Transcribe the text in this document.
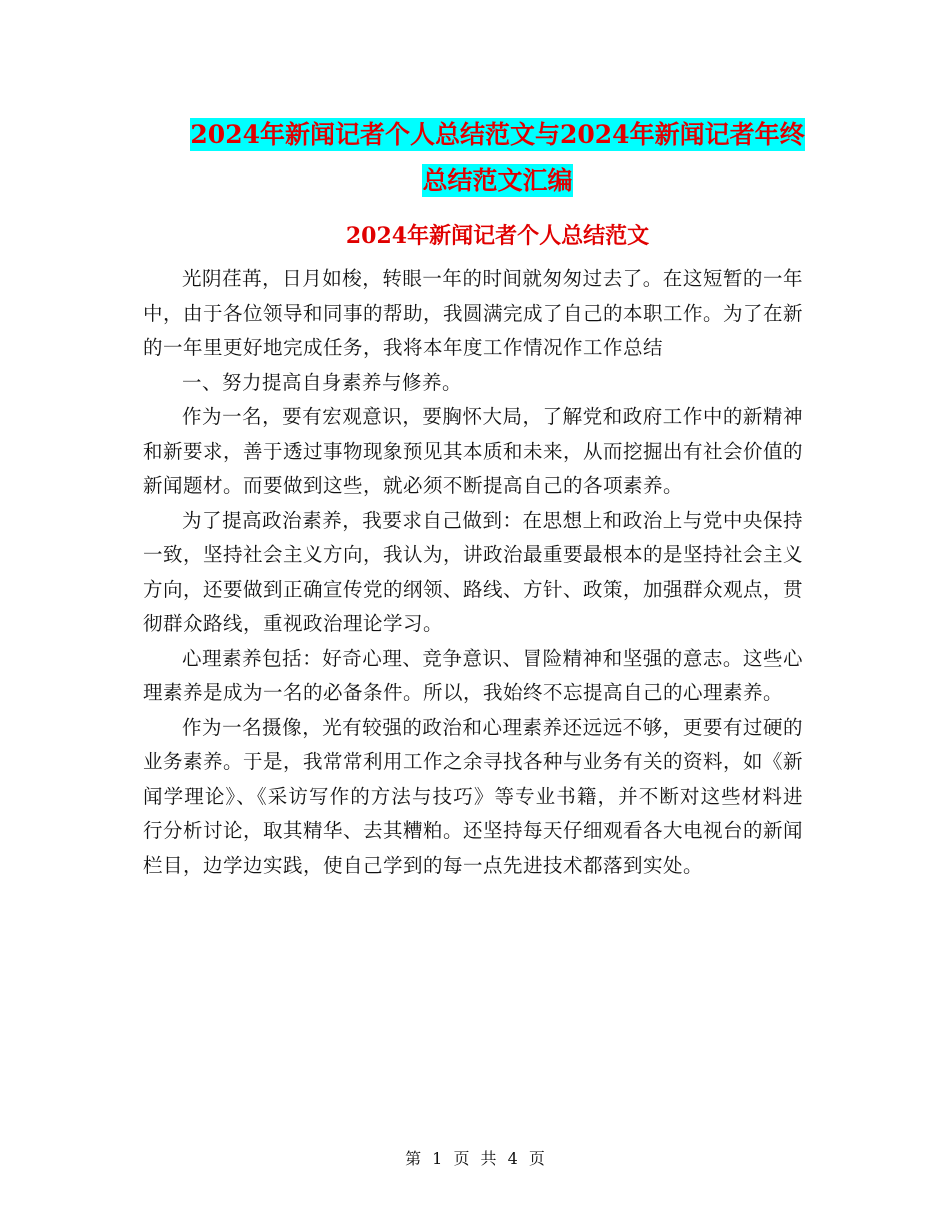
2024年新闻记者个人总结范文与2024年新闻记者年终
总结范文汇编
2024年新闻记者个人总结范文

光阴荏苒，日月如梭，转眼一年的时间就匆匆过去了。在这短暂的一年中，由于各位领导和同事的帮助，我圆满完成了自己的本职工作。为了在新的一年里更好地完成任务，我将本年度工作情况作工作总结

一、努力提高自身素养与修养。

作为一名，要有宏观意识，要胸怀大局，了解党和政府工作中的新精神和新要求，善于透过事物现象预见其本质和未来，从而挖掘出有社会价值的新闻题材。而要做到这些，就必须不断提高自己的各项素养。

为了提高政治素养，我要求自己做到：在思想上和政治上与党中央保持一致，坚持社会主义方向，我认为，讲政治最重要最根本的是坚持社会主义方向，还要做到正确宣传党的纲领、路线、方针、政策，加强群众观点，贯彻群众路线，重视政治理论学习。

心理素养包括：好奇心理、竞争意识、冒险精神和坚强的意志。这些心理素养是成为一名的必备条件。所以，我始终不忘提高自己的心理素养。

作为一名摄像，光有较强的政治和心理素养还远远不够，更要有过硬的业务素养。于是，我常常利用工作之余寻找各种与业务有关的资料，如《新闻学理论》、《采访写作的方法与技巧》等专业书籍，并不断对这些材料进行分析讨论，取其精华、去其糟粕。还坚持每天仔细观看各大电视台的新闻栏目，边学边实践，使自己学到的每一点先进技术都落到实处。

第 1 页 共 4 页
